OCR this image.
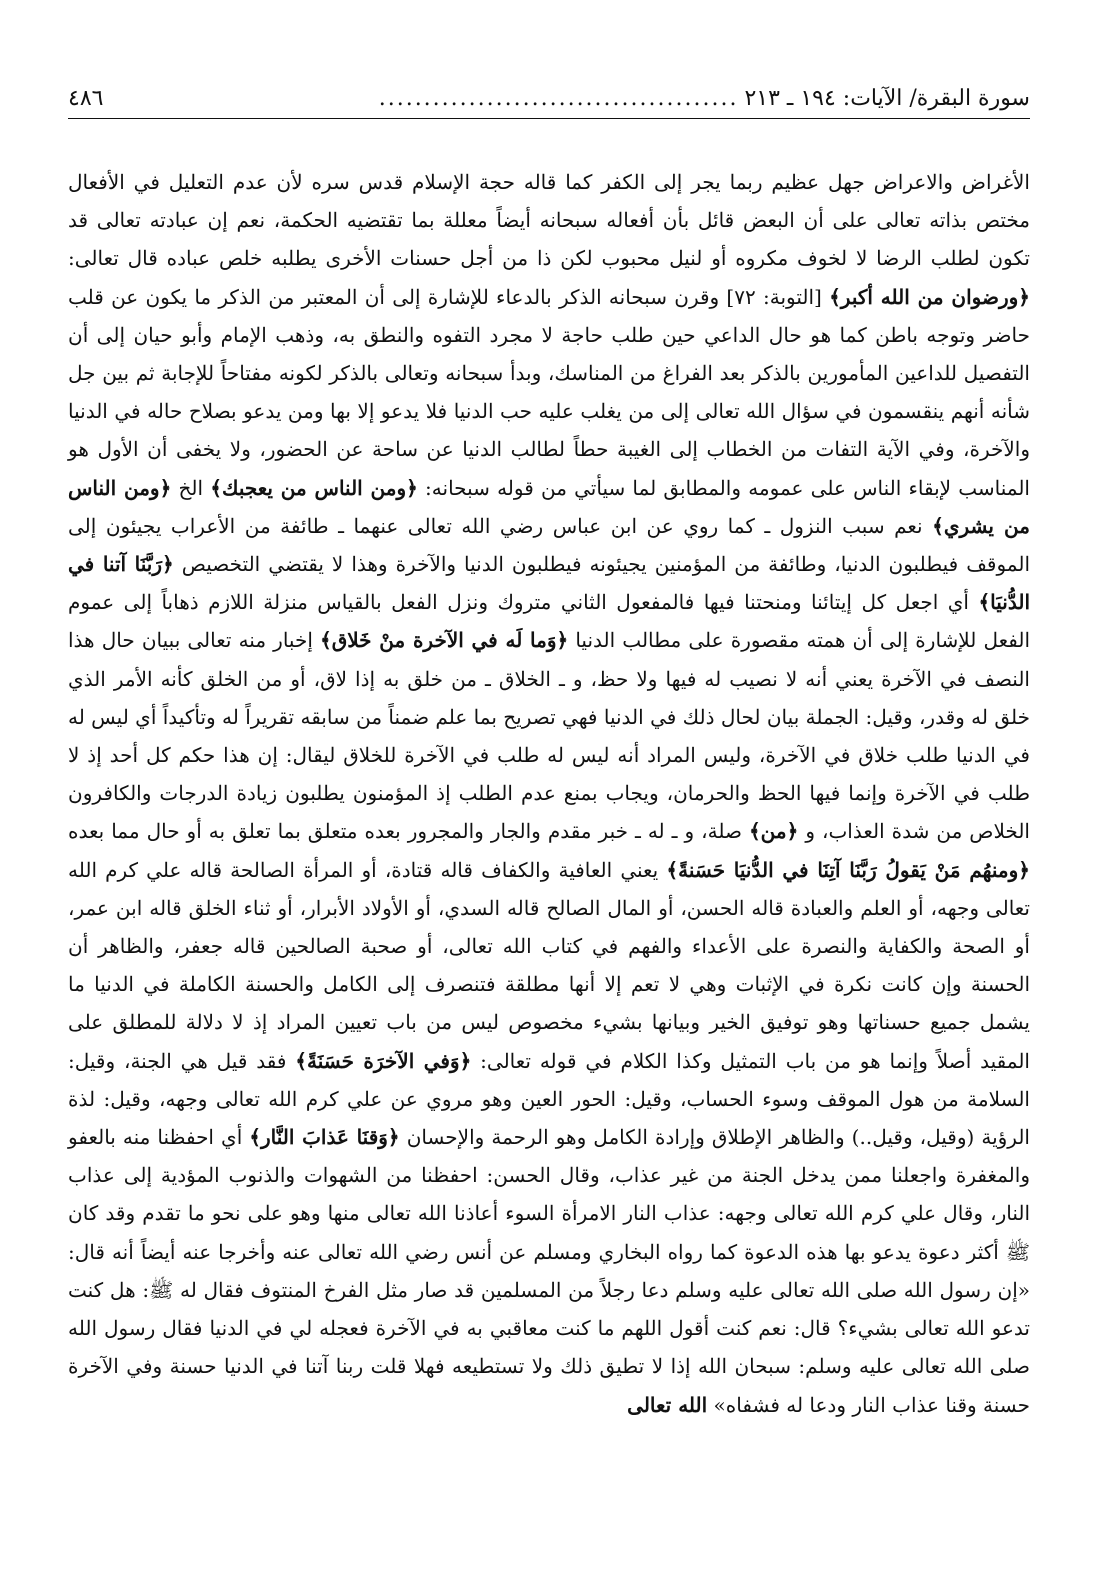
سورة البقرة/ الآيات: ١٩٤ ـ ٢١٣
........................................
٤٨٦

الأغراض والاعراض جهل عظيم ربما يجر إلى الكفر كما قاله حجة الإسلام قدس سره لأن عدم التعليل في الأفعال مختص بذاته تعالى على أن البعض قائل بأن أفعاله سبحانه أيضاً معللة بما تقتضيه الحكمة، نعم إن عبادته تعالى قد تكون لطلب الرضا لا لخوف مكروه أو لنيل محبوب لكن ذا من أجل حسنات الأخرى يطلبه خلص عباده قال تعالى: ﴿ورضوان من الله أكبر﴾ [التوبة: ٧٢] وقرن سبحانه الذكر بالدعاء للإشارة إلى أن المعتبر من الذكر ما يكون عن قلب حاضر وتوجه باطن كما هو حال الداعي حين طلب حاجة لا مجرد التفوه والنطق به، وذهب الإمام وأبو حيان إلى أن التفصيل للداعين المأمورين بالذكر بعد الفراغ من المناسك، وبدأ سبحانه وتعالى بالذكر لكونه مفتاحاً للإجابة ثم بين جل شأنه أنهم ينقسمون في سؤال الله تعالى إلى من يغلب عليه حب الدنيا فلا يدعو إلا بها ومن يدعو بصلاح حاله في الدنيا والآخرة، وفي الآية التفات من الخطاب إلى الغيبة حطاً لطالب الدنيا عن ساحة عن الحضور، ولا يخفى أن الأول هو المناسب لإبقاء الناس على عمومه والمطابق لما سيأتي من قوله سبحانه: ﴿ومن الناس من يعجبك﴾ الخ ﴿ومن الناس من يشري﴾ نعم سبب النزول ـ كما روي عن ابن عباس رضي الله تعالى عنهما ـ طائفة من الأعراب يجيئون إلى الموقف فيطلبون الدنيا، وطائفة من المؤمنين يجيئونه فيطلبون الدنيا والآخرة وهذا لا يقتضي التخصيص ﴿رَبَّنَا آتنا في الدُّنيَا﴾ أي اجعل كل إيتائنا ومنحتنا فيها فالمفعول الثاني متروك ونزل الفعل بالقياس منزلة اللازم ذهاباً إلى عموم الفعل للإشارة إلى أن همته مقصورة على مطالب الدنيا ﴿وَما لَه في الآخرة منْ خَلاق﴾ إخبار منه تعالى ببيان حال هذا النصف في الآخرة يعني أنه لا نصيب له فيها ولا حظ، و ـ الخلاق ـ من خلق به إذا لاق، أو من الخلق كأنه الأمر الذي خلق له وقدر، وقيل: الجملة بيان لحال ذلك في الدنيا فهي تصريح بما علم ضمناً من سابقه تقريراً له وتأكيداً أي ليس له في الدنيا طلب خلاق في الآخرة، وليس المراد أنه ليس له طلب في الآخرة للخلاق ليقال: إن هذا حكم كل أحد إذ لا طلب في الآخرة وإنما فيها الحظ والحرمان، ويجاب بمنع عدم الطلب إذ المؤمنون يطلبون زيادة الدرجات والكافرون الخلاص من شدة العذاب، و ﴿من﴾ صلة، و ـ له ـ خبر مقدم والجار والمجرور بعده متعلق بما تعلق به أو حال مما بعده ﴿ومنهُم مَنْ يَقولُ رَبَّنَا آتِنَا في الدُّنيَا حَسَنةً﴾ يعني العافية والكفاف قاله قتادة، أو المرأة الصالحة قاله علي كرم الله تعالى وجهه، أو العلم والعبادة قاله الحسن، أو المال الصالح قاله السدي، أو الأولاد الأبرار، أو ثناء الخلق قاله ابن عمر، أو الصحة والكفاية والنصرة على الأعداء والفهم في كتاب الله تعالى، أو صحبة الصالحين قاله جعفر، والظاهر أن الحسنة وإن كانت نكرة في الإثبات وهي لا تعم إلا أنها مطلقة فتنصرف إلى الكامل والحسنة الكاملة في الدنيا ما يشمل جميع حسناتها وهو توفيق الخير وبيانها بشيء مخصوص ليس من باب تعيين المراد إذ لا دلالة للمطلق على المقيد أصلاً وإنما هو من باب التمثيل وكذا الكلام في قوله تعالى: ﴿وَفي الآخرَة حَسَنَةً﴾ فقد قيل هي الجنة، وقيل: السلامة من هول الموقف وسوء الحساب، وقيل: الحور العين وهو مروي عن علي كرم الله تعالى وجهه، وقيل: لذة الرؤية (وقيل، وقيل..) والظاهر الإطلاق وإرادة الكامل وهو الرحمة والإحسان ﴿وَقنَا عَذابَ النَّار﴾ أي احفظنا منه بالعفو والمغفرة واجعلنا ممن يدخل الجنة من غير عذاب، وقال الحسن: احفظنا من الشهوات والذنوب المؤدية إلى عذاب النار، وقال علي كرم الله تعالى وجهه: عذاب النار الامرأة السوء أعاذنا الله تعالى منها وهو على نحو ما تقدم وقد كان ﷺ أكثر دعوة يدعو بها هذه الدعوة كما رواه البخاري ومسلم عن أنس رضي الله تعالى عنه وأخرجا عنه أيضاً أنه قال: «إن رسول الله صلى الله تعالى عليه وسلم دعا رجلاً من المسلمين قد صار مثل الفرخ المنتوف فقال له ﷺ: هل كنت تدعو الله تعالى بشيء؟ قال: نعم كنت أقول اللهم ما كنت معاقبي به في الآخرة فعجله لي في الدنيا فقال رسول الله صلى الله تعالى عليه وسلم: سبحان الله إذا لا تطيق ذلك ولا تستطيعه فهلا قلت ربنا آتنا في الدنيا حسنة وفي الآخرة حسنة وقنا عذاب النار ودعا له فشفاه» الله تعالى
